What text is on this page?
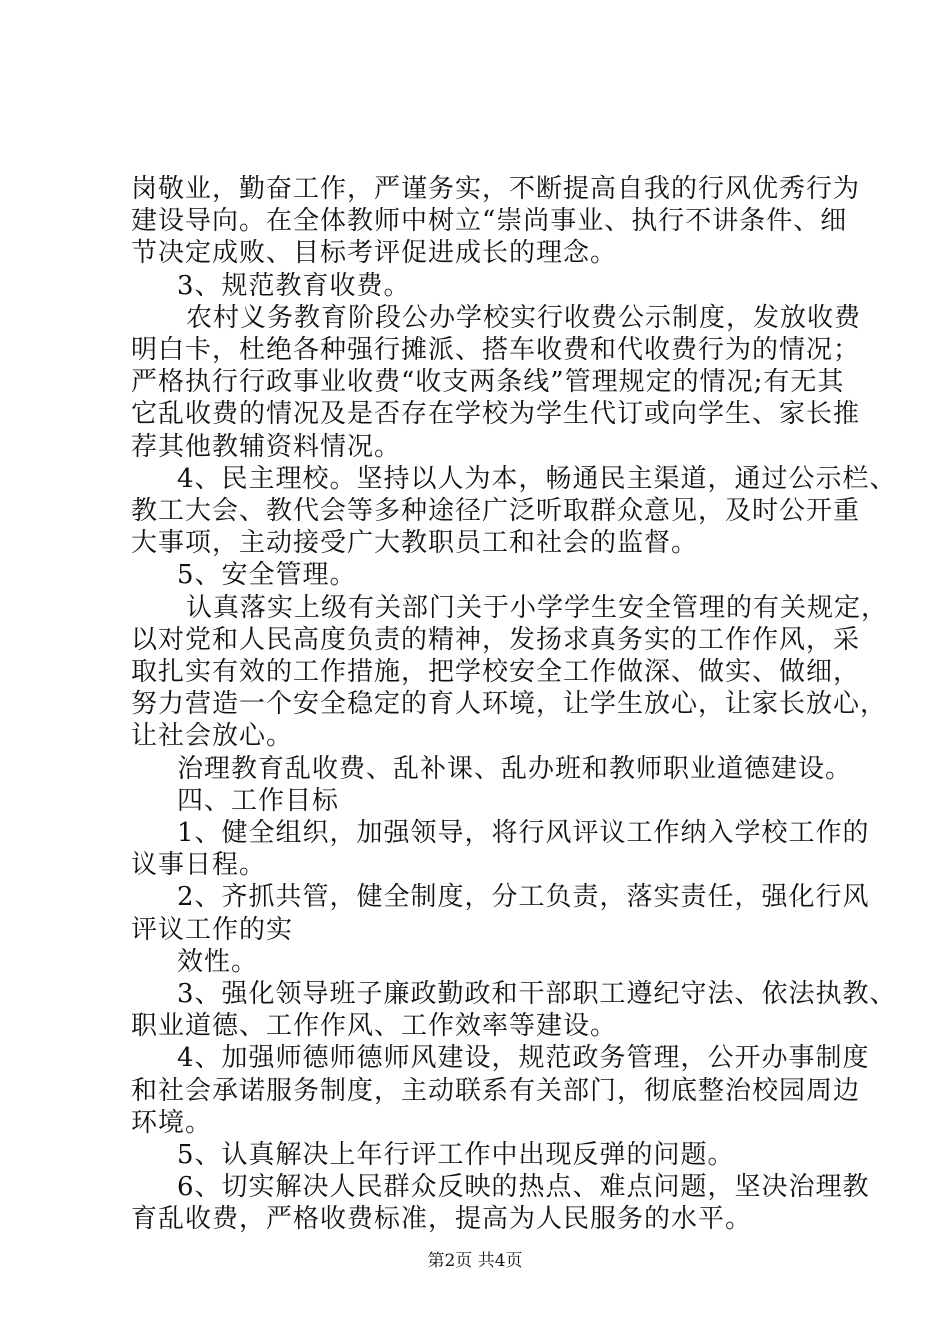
岗敬业，勤奋工作，严谨务实，不断提高自我的行风优秀行为
建设导向。在全体教师中树立“崇尚事业、执行不讲条件、细
节决定成败、目标考评促进成长的理念。
3、规范教育收费。
农村义务教育阶段公办学校实行收费公示制度，发放收费
明白卡，杜绝各种强行摊派、搭车收费和代收费行为的情况；
严格执行行政事业收费“收支两条线”管理规定的情况;有无其
它乱收费的情况及是否存在学校为学生代订或向学生、家长推
荐其他教辅资料情况。
4、民主理校。坚持以人为本，畅通民主渠道，通过公示栏、
教工大会、教代会等多种途径广泛听取群众意见，及时公开重
大事项，主动接受广大教职员工和社会的监督。
5、安全管理。
认真落实上级有关部门关于小学学生安全管理的有关规定，
以对党和人民高度负责的精神，发扬求真务实的工作作风，采
取扎实有效的工作措施，把学校安全工作做深、做实、做细，
努力营造一个安全稳定的育人环境，让学生放心，让家长放心，
让社会放心。
治理教育乱收费、乱补课、乱办班和教师职业道德建设。
四、工作目标
1、健全组织，加强领导，将行风评议工作纳入学校工作的
议事日程。
2、齐抓共管，健全制度，分工负责，落实责任，强化行风
评议工作的实
效性。
3、强化领导班子廉政勤政和干部职工遵纪守法、依法执教、
职业道德、工作作风、工作效率等建设。
4、加强师德师德师风建设，规范政务管理，公开办事制度
和社会承诺服务制度，主动联系有关部门，彻底整治校园周边
环境。
5、认真解决上年行评工作中出现反弹的问题。
6、切实解决人民群众反映的热点、难点问题，坚决治理教
育乱收费，严格收费标准，提高为人民服务的水平。
第2页 共4页
